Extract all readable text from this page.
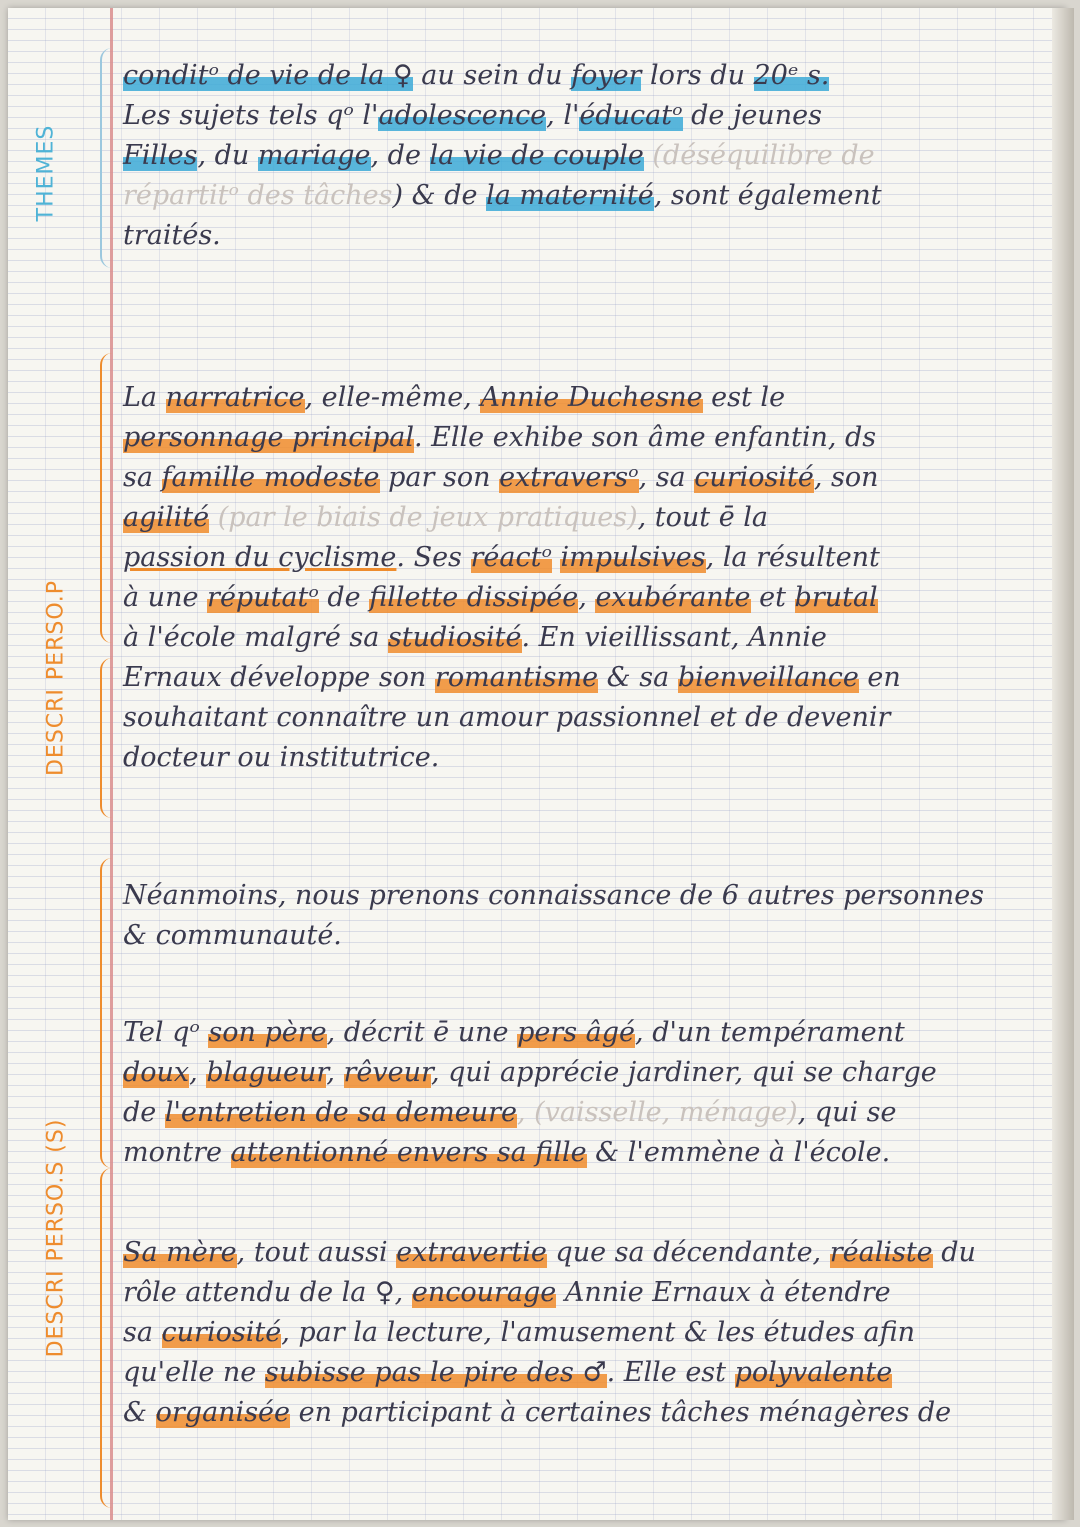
THEMES
DESCRI PERSO.P
DESCRI PERSO.S (S)
conditᵒ de vie de la ♀ au sein du foyer lors du 20ᵉ s.
Les sujets tels qᵒ l'adolescence, l'éducatᵒ de jeunes
Filles, du mariage, de la vie de couple (déséquilibre de
répartitᵒ des tâches) & de la maternité, sont également
traités.
La narratrice, elle-même, Annie Duchesne est le
personnage principal. Elle exhibe son âme enfantin, ds
sa famille modeste par son extraversᵒ, sa curiosité, son
agilité (par le biais de jeux pratiques), tout ē la
passion du cyclisme. Ses réactᵒ impulsives, la résultent
à une réputatᵒ de fillette dissipée, exubérante et brutal
à l'école malgré sa studiosité. En vieillissant, Annie
Ernaux développe son romantisme & sa bienveillance en
souhaitant connaître un amour passionnel et de devenir
docteur ou institutrice.
Néanmoins, nous prenons connaissance de 6 autres personnes
& communauté.
Tel qᵒ son père, décrit ē une pers âgé, d'un tempérament
doux, blagueur, rêveur, qui apprécie jardiner, qui se charge
de l'entretien de sa demeure, (vaisselle, ménage), qui se
montre attentionné envers sa fille & l'emmène à l'école.
Sa mère, tout aussi extravertie que sa décendante, réaliste du
rôle attendu de la ♀, encourage Annie Ernaux à étendre
sa curiosité, par la lecture, l'amusement & les études afin
qu'elle ne subisse pas le pire des ♂. Elle est polyvalente
& organisée en participant à certaines tâches ménagères de
